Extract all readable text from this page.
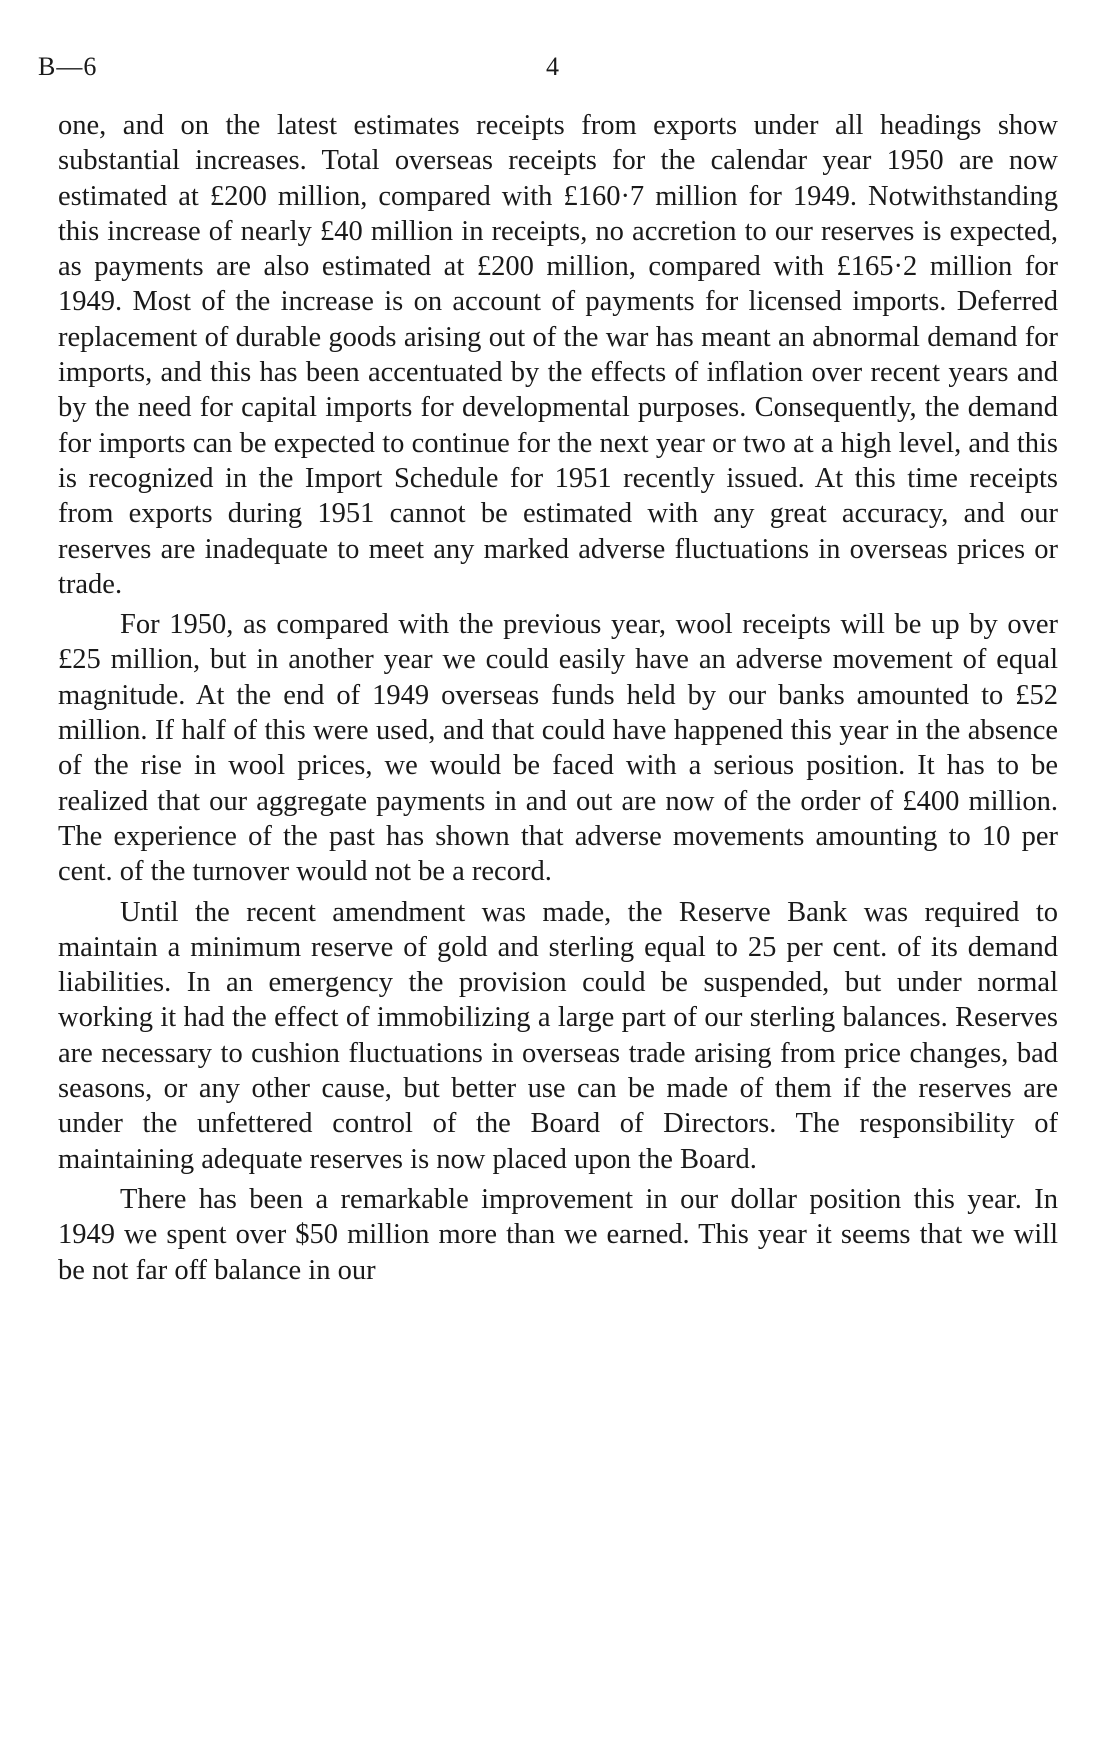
B—6	4

one, and on the latest estimates receipts from exports under all headings show substantial increases. Total overseas receipts for the calendar year 1950 are now estimated at £200 million, compared with £160·7 million for 1949. Notwithstanding this increase of nearly £40 million in receipts, no accretion to our reserves is expected, as payments are also estimated at £200 million, compared with £165·2 million for 1949. Most of the increase is on account of payments for licensed imports. Deferred replacement of durable goods arising out of the war has meant an abnormal demand for imports, and this has been accentuated by the effects of inflation over recent years and by the need for capital imports for developmental purposes. Consequently, the demand for imports can be expected to continue for the next year or two at a high level, and this is recognized in the Import Schedule for 1951 recently issued. At this time receipts from exports during 1951 cannot be estimated with any great accuracy, and our reserves are inadequate to meet any marked adverse fluctuations in overseas prices or trade.

For 1950, as compared with the previous year, wool receipts will be up by over £25 million, but in another year we could easily have an adverse movement of equal magnitude. At the end of 1949 overseas funds held by our banks amounted to £52 million. If half of this were used, and that could have happened this year in the absence of the rise in wool prices, we would be faced with a serious position. It has to be realized that our aggregate payments in and out are now of the order of £400 million. The experience of the past has shown that adverse movements amounting to 10 per cent. of the turnover would not be a record.

Until the recent amendment was made, the Reserve Bank was required to maintain a minimum reserve of gold and sterling equal to 25 per cent. of its demand liabilities. In an emergency the provision could be suspended, but under normal working it had the effect of immobilizing a large part of our sterling balances. Reserves are necessary to cushion fluctuations in overseas trade arising from price changes, bad seasons, or any other cause, but better use can be made of them if the reserves are under the unfettered control of the Board of Directors. The responsibility of maintaining adequate reserves is now placed upon the Board.

There has been a remarkable improvement in our dollar position this year. In 1949 we spent over $50 million more than we earned. This year it seems that we will be not far off balance in our
